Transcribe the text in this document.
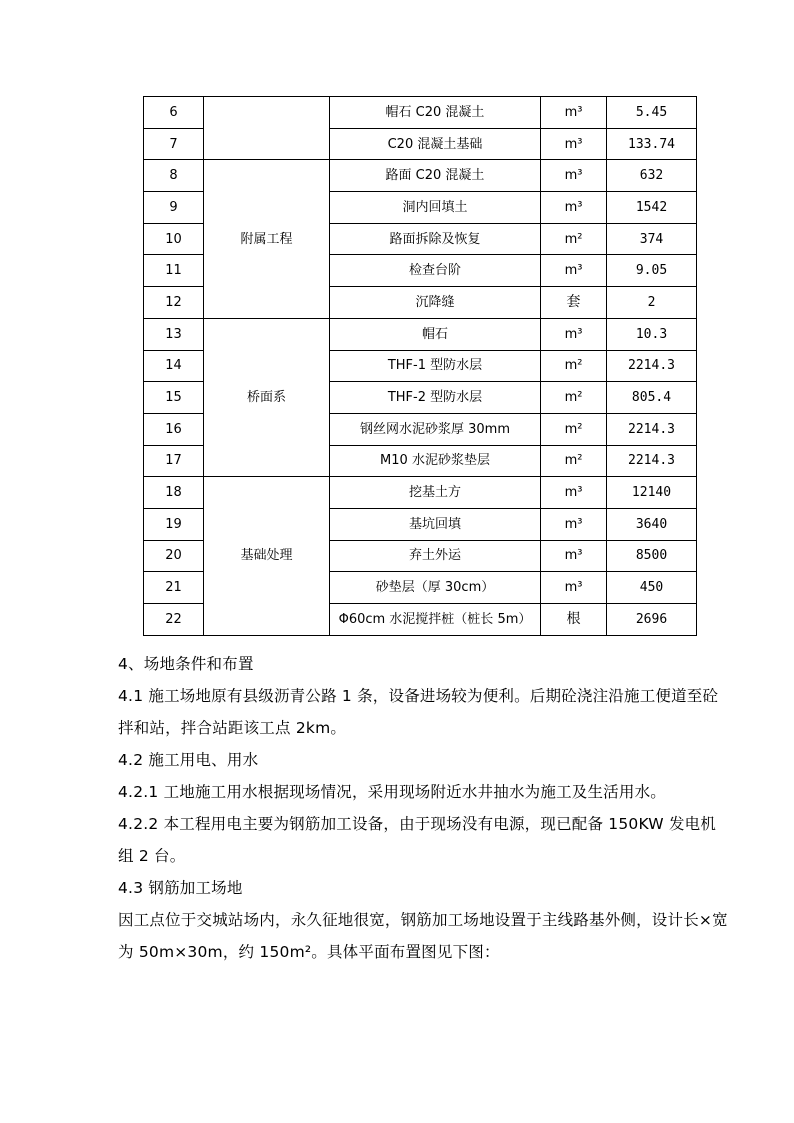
6		帽石 C20 混凝土	m³	5.45
7		C20 混凝土基础	m³	133.74
8	附属工程	路面 C20 混凝土	m³	632
9		洞内回填土	m³	1542
10		路面拆除及恢复	m²	374
11		检查台阶	m³	9.05
12		沉降缝	套	2
13	桥面系	帽石	m³	10.3
14		THF-1 型防水层	m²	2214.3
15		THF-2 型防水层	m²	805.4
16		钢丝网水泥砂浆厚 30mm	m²	2214.3
17		M10 水泥砂浆垫层	m²	2214.3
18	基础处理	挖基土方	m³	12140
19		基坑回填	m³	3640
20		弃土外运	m³	8500
21		砂垫层（厚 30cm）	m³	450
22		Φ60cm 水泥搅拌桩（桩长 5m）	根	2696

4、场地条件和布置

4.1 施工场地原有县级沥青公路 1 条，设备进场较为便利。后期砼浇注沿施工便道至砼拌和站，拌合站距该工点 2km。

4.2 施工用电、用水

4.2.1 工地施工用水根据现场情况，采用现场附近水井抽水为施工及生活用水。

4.2.2 本工程用电主要为钢筋加工设备，由于现场没有电源，现已配备 150KW 发电机组 2 台。

4.3 钢筋加工场地

因工点位于交城站场内，永久征地很宽，钢筋加工场地设置于主线路基外侧，设计长×宽为 50m×30m，约 150m²。具体平面布置图见下图：
